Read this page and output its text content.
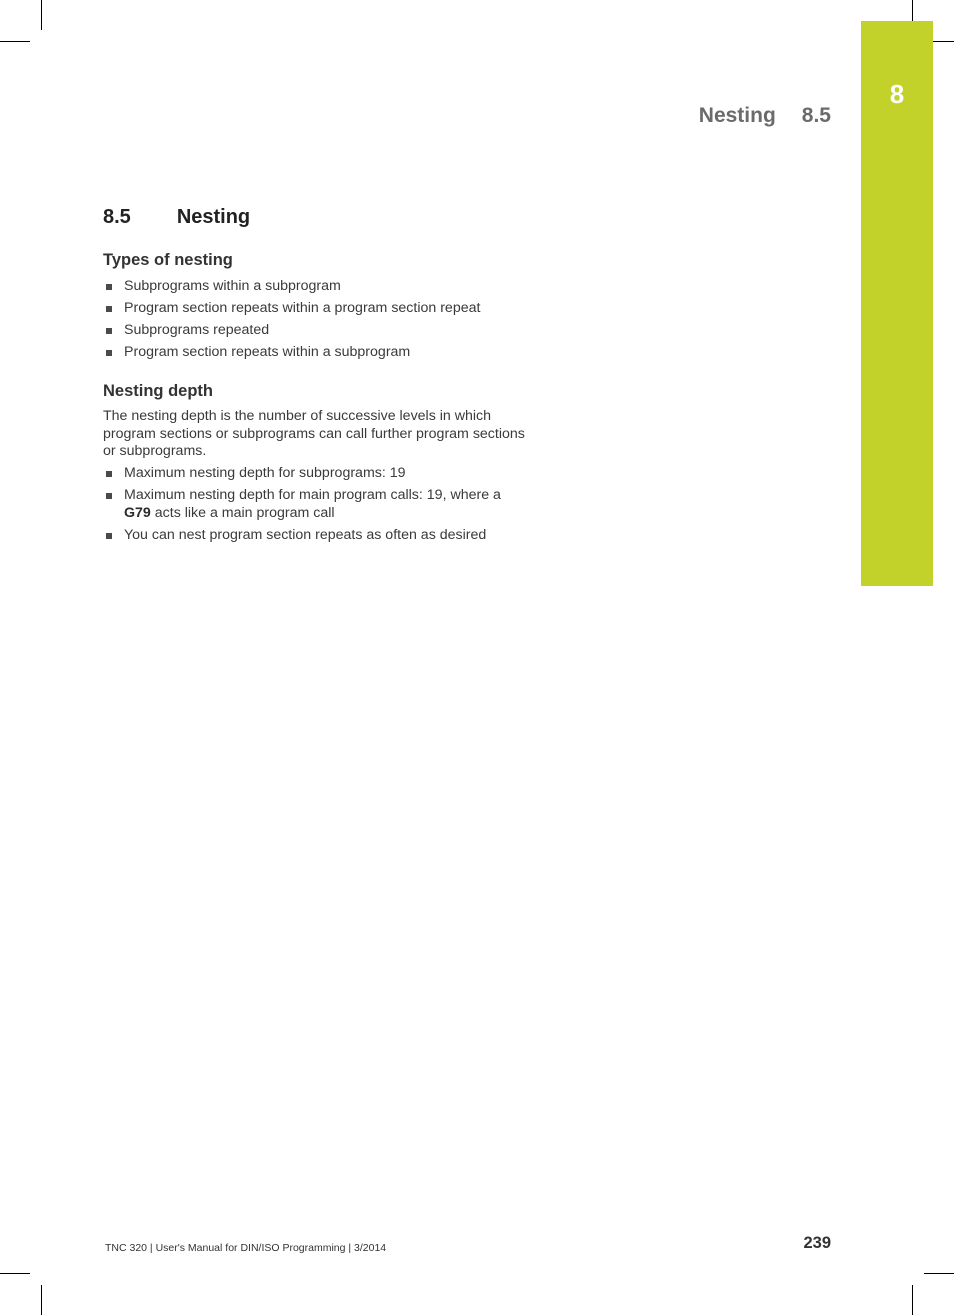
8
Nesting 8.5
8.5 Nesting
Types of nesting
Subprograms within a subprogram
Program section repeats within a program section repeat
Subprograms repeated
Program section repeats within a subprogram
Nesting depth

The nesting depth is the number of successive levels in which
program sections or subprograms can call further program sections
or subprograms.

Maximum nesting depth for subprograms: 19
Maximum nesting depth for main program calls: 19, where a
G79 acts like a main program call
You can nest program section repeats as often as desired
TNC 320 | User's Manual for DIN/ISO Programming | 3/2014	239
